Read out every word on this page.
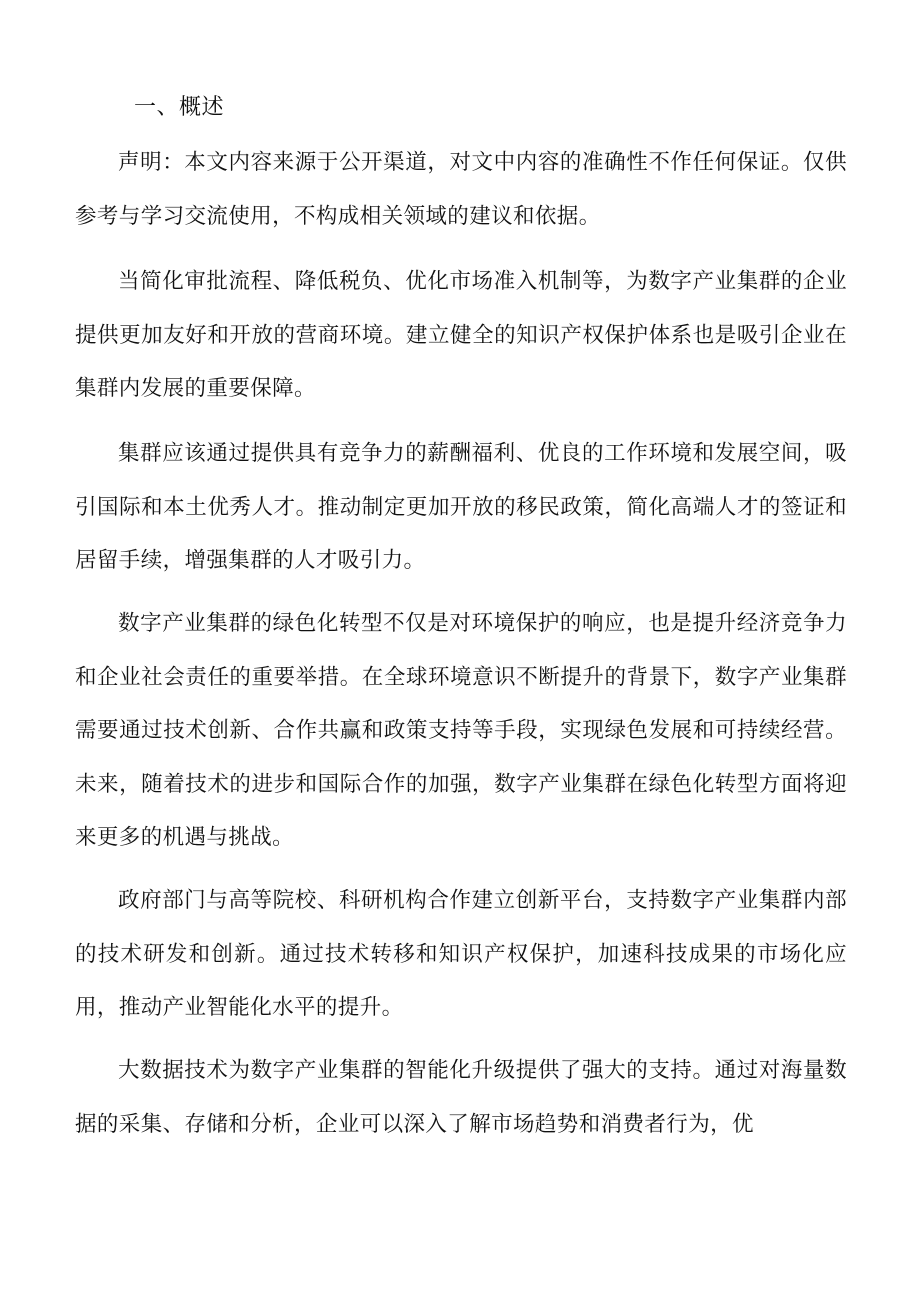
一、概述

声明：本文内容来源于公开渠道，对文中内容的准确性不作任何保证。仅供参考与学习交流使用，不构成相关领域的建议和依据。

当简化审批流程、降低税负、优化市场准入机制等，为数字产业集群的企业提供更加友好和开放的营商环境。建立健全的知识产权保护体系也是吸引企业在集群内发展的重要保障。

集群应该通过提供具有竞争力的薪酬福利、优良的工作环境和发展空间，吸引国际和本土优秀人才。推动制定更加开放的移民政策，简化高端人才的签证和居留手续，增强集群的人才吸引力。

数字产业集群的绿色化转型不仅是对环境保护的响应，也是提升经济竞争力和企业社会责任的重要举措。在全球环境意识不断提升的背景下，数字产业集群需要通过技术创新、合作共赢和政策支持等手段，实现绿色发展和可持续经营。未来，随着技术的进步和国际合作的加强，数字产业集群在绿色化转型方面将迎来更多的机遇与挑战。

政府部门与高等院校、科研机构合作建立创新平台，支持数字产业集群内部的技术研发和创新。通过技术转移和知识产权保护，加速科技成果的市场化应用，推动产业智能化水平的提升。

大数据技术为数字产业集群的智能化升级提供了强大的支持。通过对海量数据的采集、存储和分析，企业可以深入了解市场趋势和消费者行为，优
